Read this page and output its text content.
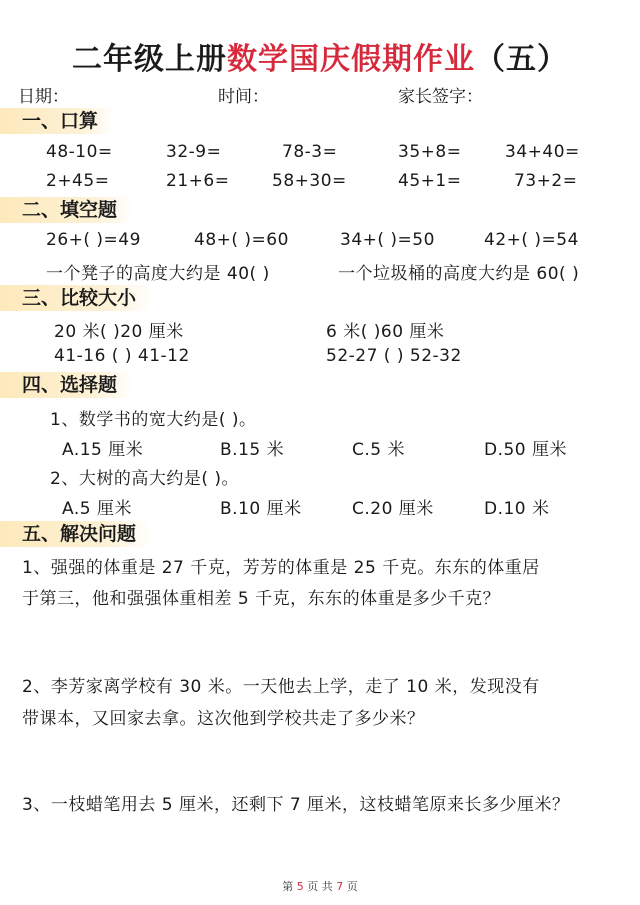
二年级上册数学国庆假期作业（五）
日期：	时间：	家长签字：
一、口算
48-10=	32-9=	78-3=	35+8=	34+40=
2+45=	21+6=	58+30=	45+1=	73+2=
二、填空题
26+( )=49	48+( )=60	34+( )=50	42+( )=54
一个凳子的高度大约是 40( )	一个垃圾桶的高度大约是 60( )
三、比较大小
20 米( )20 厘米	6 米( )60 厘米
41-16 ( ) 41-12	52-27 ( ) 52-32
四、选择题
1、数学书的宽大约是( )。
A.15 厘米	B.15 米	C.5 米	D.50 厘米
2、大树的高大约是( )。
A.5 厘米	B.10 厘米	C.20 厘米	D.10 米
五、解决问题
1、强强的体重是 27 千克，芳芳的体重是 25 千克。东东的体重居
于第三，他和强强体重相差 5 千克，东东的体重是多少千克？
2、李芳家离学校有 30 米。一天他去上学，走了 10 米，发现没有
带课本，又回家去拿。这次他到学校共走了多少米？
3、一枝蜡笔用去 5 厘米，还剩下 7 厘米，这枝蜡笔原来长多少厘米？
第 5 页 共 7 页
